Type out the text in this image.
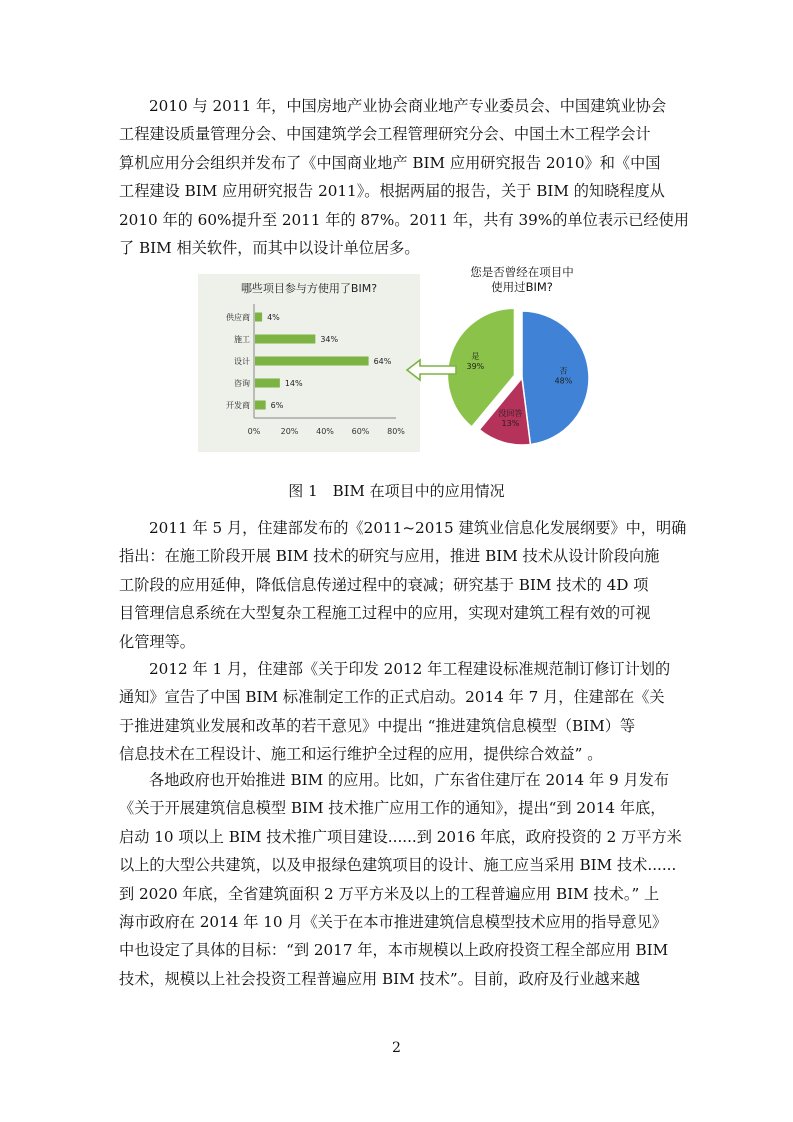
2010 与 2011 年，中国房地产业协会商业地产专业委员会、中国建筑业协会
工程建设质量管理分会、中国建筑学会工程管理研究分会、中国土木工程学会计
算机应用分会组织并发布了《中国商业地产 BIM 应用研究报告 2010》和《中国
工程建设 BIM 应用研究报告 2011》。根据两届的报告，关于 BIM 的知晓程度从
2010 年的 60%提升至 2011 年的 87%。2011 年，共有 39%的单位表示已经使用
了 BIM 相关软件，而其中以设计单位居多。
哪些项目参与方使用了BIM?
0%	20% 40% 60% 80%
供应商 4%
施工	34%
设计	64%
咨询	14%
开发商	6%
您是否曾经在项目中
使用过BIM?
否
48%
没回答
13%
是
39%
图 1　BIM 在项目中的应用情况
2011 年 5 月，住建部发布的《2011~2015 建筑业信息化发展纲要》中，明确
指出：在施工阶段开展 BIM 技术的研究与应用，推进 BIM 技术从设计阶段向施
工阶段的应用延伸，降低信息传递过程中的衰减；研究基于 BIM 技术的 4D 项
目管理信息系统在大型复杂工程施工过程中的应用，实现对建筑工程有效的可视
化管理等。
2012 年 1 月，住建部《关于印发 2012 年工程建设标准规范制订修订计划的
通知》宣告了中国 BIM 标准制定工作的正式启动。2014 年 7 月，住建部在《关
于推进建筑业发展和改革的若干意见》中提出 “推进建筑信息模型（BIM）等
信息技术在工程设计、施工和运行维护全过程的应用，提供综合效益” 。
各地政府也开始推进 BIM 的应用。比如，广东省住建厅在 2014 年 9 月发布
《关于开展建筑信息模型 BIM 技术推广应用工作的通知》，提出“到 2014 年底，
启动 10 项以上 BIM 技术推广项目建设......到 2016 年底，政府投资的 2 万平方米
以上的大型公共建筑，以及申报绿色建筑项目的设计、施工应当采用 BIM 技术......
到 2020 年底，全省建筑面积 2 万平方米及以上的工程普遍应用 BIM 技术。” 上
海市政府在 2014 年 10 月《关于在本市推进建筑信息模型技术应用的指导意见》
中也设定了具体的目标：“到 2017 年，本市规模以上政府投资工程全部应用 BIM
技术，规模以上社会投资工程普遍应用 BIM 技术”。目前，政府及行业越来越
2
